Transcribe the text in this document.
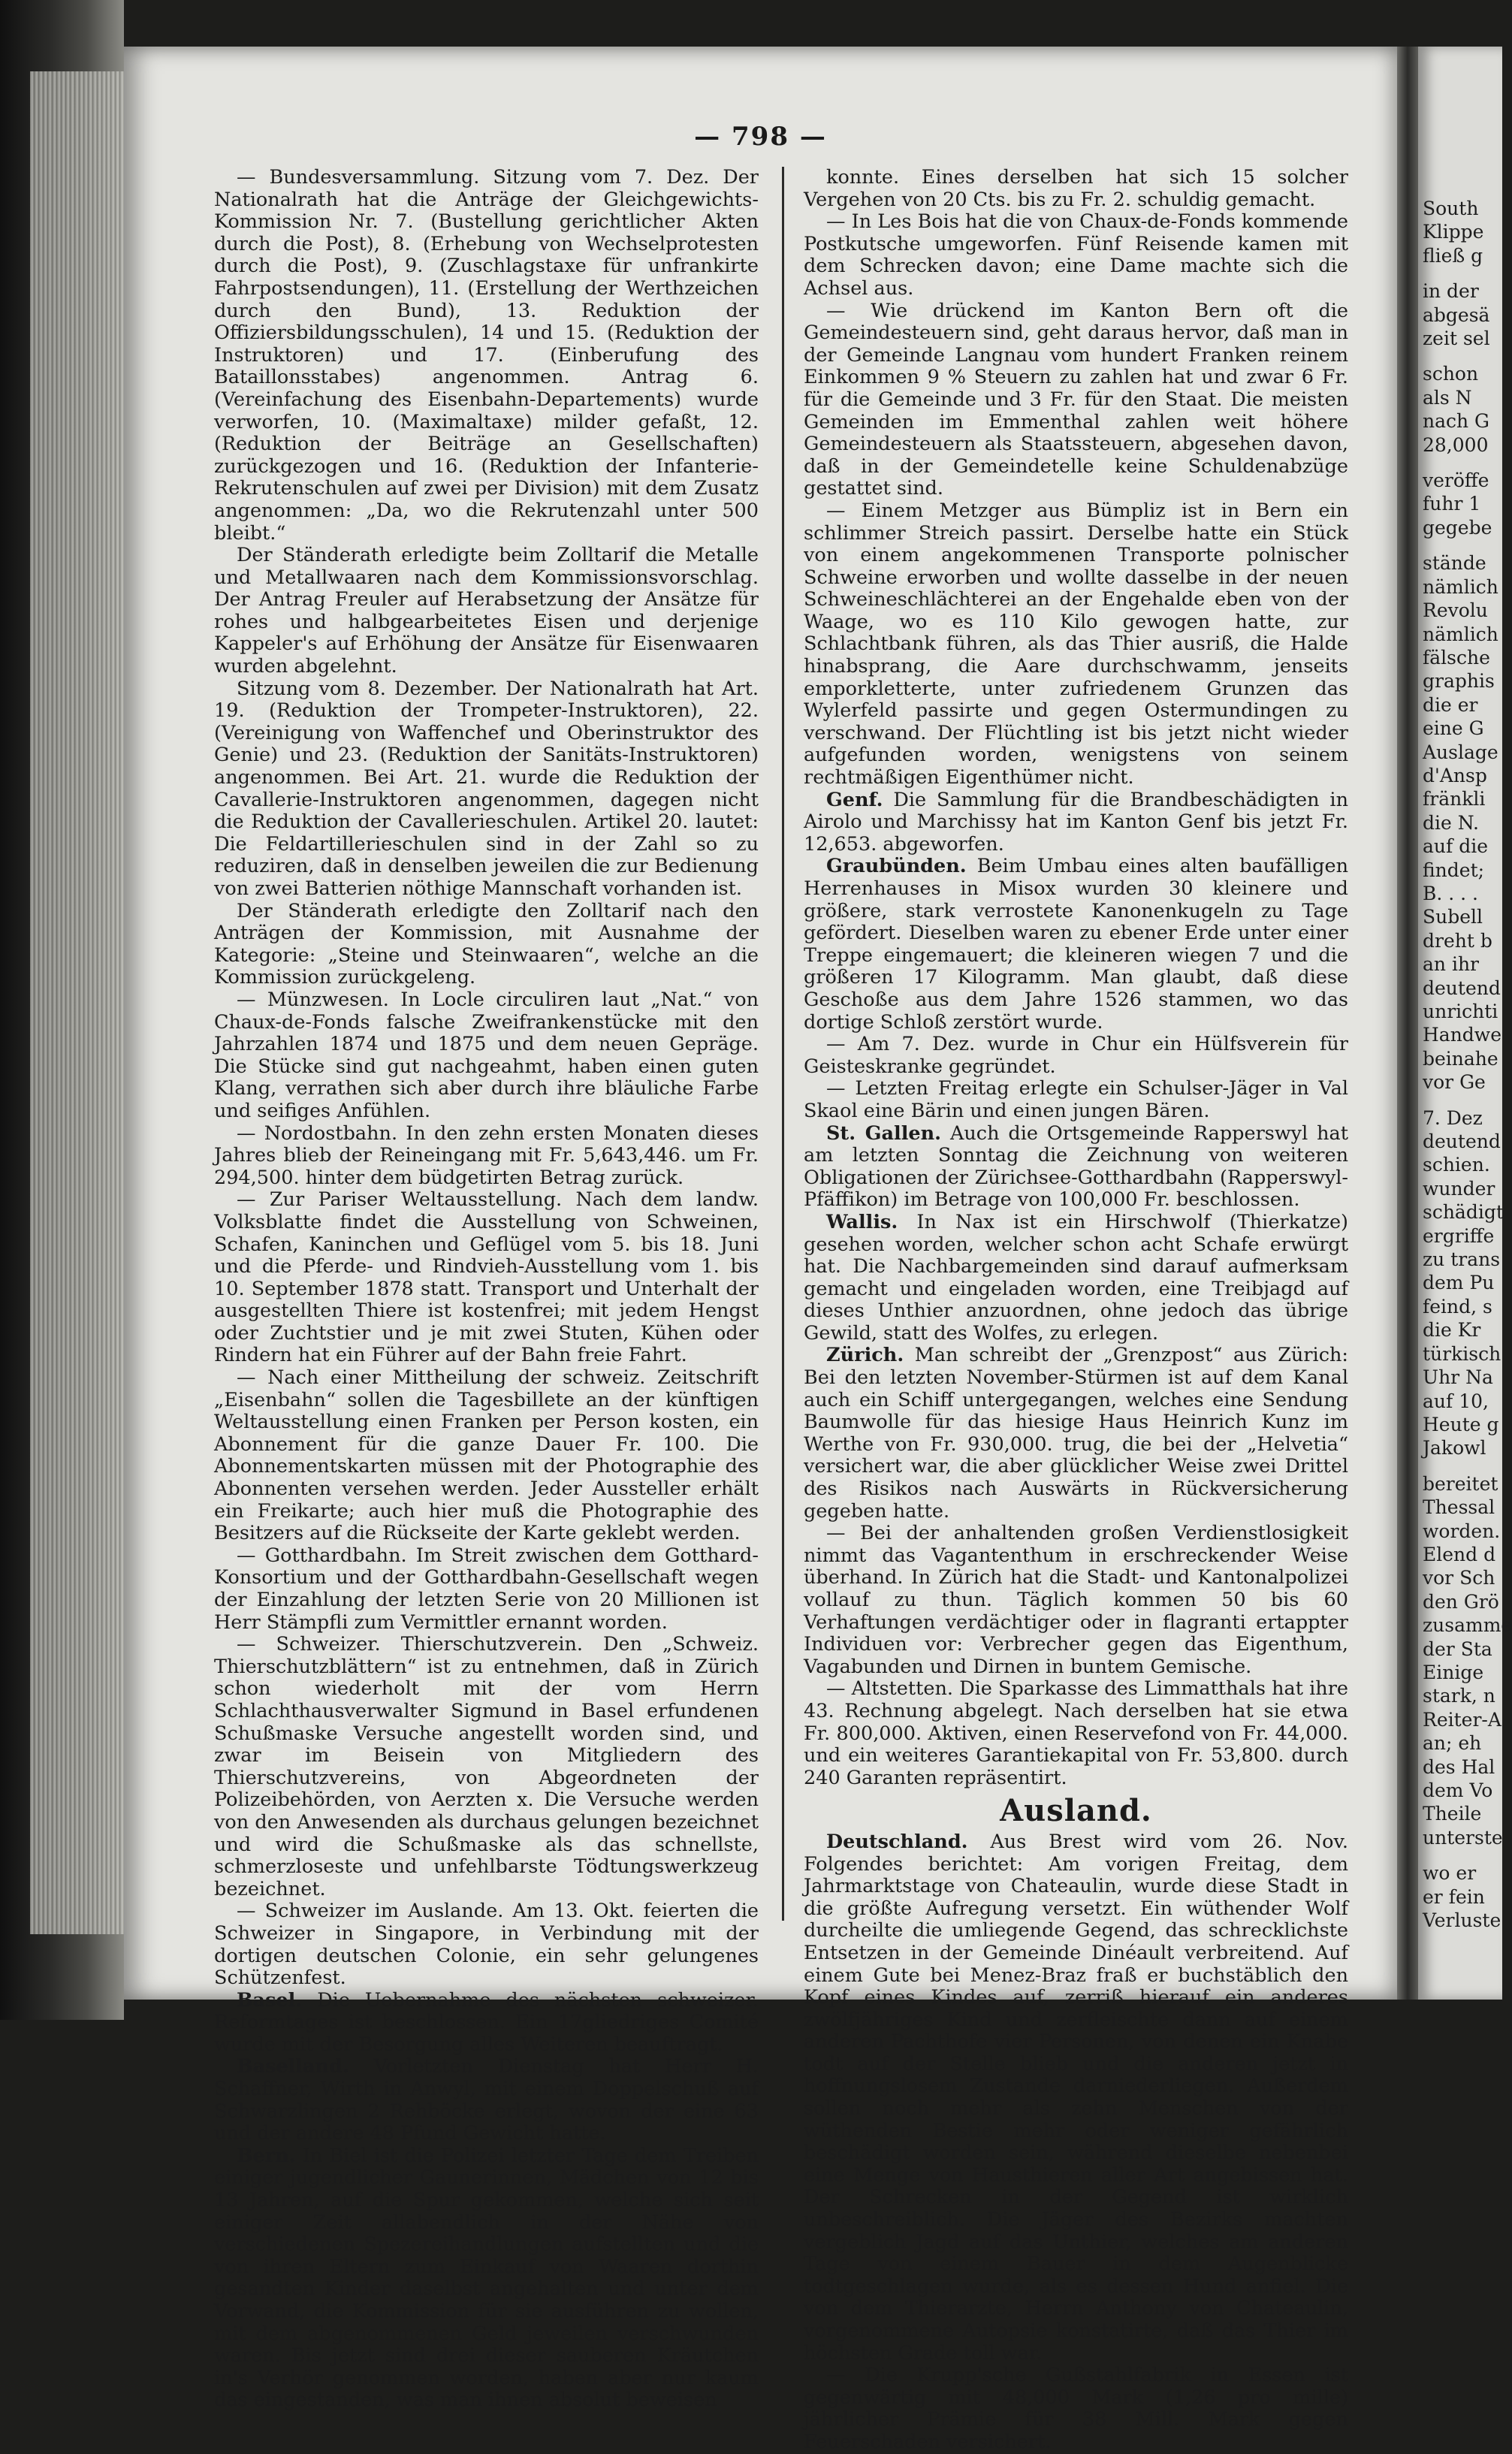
— 798 —

— Bundesversammlung. Sitzung vom 7. Dez. Der Nationalrath hat die Anträge der Gleichgewichts-Kommission Nr. 7. (Bustellung gerichtlicher Akten durch die Post), 8. (Erhebung von Wechselprotesten durch die Post), 9. (Zuschlagstaxe für unfrankirte Fahrpostsendungen), 11. (Erstellung der Werthzeichen durch den Bund), 13. Reduktion der Offiziersbildungsschulen), 14 und 15. (Reduktion der Instruktoren) und 17. (Einberufung des Bataillonsstabes) angenommen. Antrag 6. (Vereinfachung des Eisenbahn-Departements) wurde verworfen, 10. (Maximaltaxe) milder gefaßt, 12. (Reduktion der Beiträge an Gesellschaften) zurückgezogen und 16. (Reduktion der Infanterie-Rekrutenschulen auf zwei per Division) mit dem Zusatz angenommen: „Da, wo die Rekrutenzahl unter 500 bleibt.“

Der Ständerath erledigte beim Zolltarif die Metalle und Metallwaaren nach dem Kommissionsvorschlag. Der Antrag Freuler auf Herabsetzung der Ansätze für rohes und halbgearbeitetes Eisen und derjenige Kappeler's auf Erhöhung der Ansätze für Eisenwaaren wurden abgelehnt.

Sitzung vom 8. Dezember. Der Nationalrath hat Art. 19. (Reduktion der Trompeter-Instruktoren), 22. (Vereinigung von Waffenchef und Oberinstruktor des Genie) und 23. (Reduktion der Sanitäts-Instruktoren) angenommen. Bei Art. 21. wurde die Reduktion der Cavallerie-Instruktoren angenommen, dagegen nicht die Reduktion der Cavallerieschulen. Artikel 20. lautet: Die Feldartillerieschulen sind in der Zahl so zu reduziren, daß in denselben jeweilen die zur Bedienung von zwei Batterien nöthige Mannschaft vorhanden ist.

Der Ständerath erledigte den Zolltarif nach den Anträgen der Kommission, mit Ausnahme der Kategorie: „Steine und Steinwaaren“, welche an die Kommission zurückgeleng.

— Münzwesen. In Locle circuliren laut „Nat.“ von Chaux-de-Fonds falsche Zweifrankenstücke mit den Jahrzahlen 1874 und 1875 und dem neuen Gepräge. Die Stücke sind gut nachgeahmt, haben einen guten Klang, verrathen sich aber durch ihre bläuliche Farbe und seifiges Anfühlen.

— Nordostbahn. In den zehn ersten Monaten dieses Jahres blieb der Reineingang mit Fr. 5,643,446. um Fr. 294,500. hinter dem büdgetirten Betrag zurück.

— Zur Pariser Weltausstellung. Nach dem landw. Volksblatte findet die Ausstellung von Schweinen, Schafen, Kaninchen und Geflügel vom 5. bis 18. Juni und die Pferde- und Rindvieh-Ausstellung vom 1. bis 10. September 1878 statt. Transport und Unterhalt der ausgestellten Thiere ist kostenfrei; mit jedem Hengst oder Zuchtstier und je mit zwei Stuten, Kühen oder Rindern hat ein Führer auf der Bahn freie Fahrt.

— Nach einer Mittheilung der schweiz. Zeitschrift „Eisenbahn“ sollen die Tagesbillete an der künftigen Weltausstellung einen Franken per Person kosten, ein Abonnement für die ganze Dauer Fr. 100. Die Abonnementskarten müssen mit der Photographie des Abonnenten versehen werden. Jeder Aussteller erhält ein Freikarte; auch hier muß die Photographie des Besitzers auf die Rückseite der Karte geklebt werden.

— Gotthardbahn. Im Streit zwischen dem Gotthard-Konsortium und der Gotthardbahn-Gesellschaft wegen der Einzahlung der letzten Serie von 20 Millionen ist Herr Stämpfli zum Vermittler ernannt worden.

— Schweizer. Thierschutzverein. Den „Schweiz. Thierschutzblättern“ ist zu entnehmen, daß in Zürich schon wiederholt mit der vom Herrn Schlachthausverwalter Sigmund in Basel erfundenen Schußmaske Versuche angestellt worden sind, und zwar im Beisein von Mitgliedern des Thierschutzvereins, von Abgeordneten der Polizeibehörden, von Aerzten x. Die Versuche werden von den Anwesenden als durchaus gelungen bezeichnet und wird die Schußmaske als das schnellste, schmerzloseste und unfehlbarste Tödtungswerkzeug bezeichnet.

— Schweizer im Auslande. Am 13. Okt. feierten die Schweizer in Singapore, in Verbindung mit der dortigen deutschen Colonie, ein sehr gelungenes Schützenfest.

Basel. Die Uebernahme des nächsten schweizer. Reformtages ist beschlossen. Ein 17gliedriges Comité wurde mit der Besorgung alles Weiteren beauftragt.

Baselland. Vorletzten Dienstag hat Herr H. Schaffner, Wirth in Anwyl, mit einem Doppelschuß auf Schwarzlingen 2 Rehböcke erlegt, wovon der eine 63 und der andere 48 Pfund Gewicht hatte.

Bern. In Biel ist die Polizei letzter Tage dem Treiben einiger jugendlicher Gaunerinnen, Mädchen von 12 bis 13 Jahren, auf die Spur gekommen, welche sich seit einiger Zeit allabendlich in der Nähe von verschiedenen Spezereihandlungen aufstellten und die von ihren Eltern zum Einkauf von Waaren dorthin gesandten Kinder daselbst angehalten und unter dem Vorwand, die Kommission für sie ausführen zu wollen, mit dem abgenommenen Geld jeweilen verschwunden waren. Bis jetzt sind drei dieser sauberen Kräutchen in's Verhör genommen worden, haben aber nur kaum das eingestanden, was man ihnen absolut beweisen

konnte. Eines derselben hat sich 15 solcher Vergehen von 20 Cts. bis zu Fr. 2. schuldig gemacht.

— In Les Bois hat die von Chaux-de-Fonds kommende Postkutsche umgeworfen. Fünf Reisende kamen mit dem Schrecken davon; eine Dame machte sich die Achsel aus.

— Wie drückend im Kanton Bern oft die Gemeindesteuern sind, geht daraus hervor, daß man in der Gemeinde Langnau vom hundert Franken reinem Einkommen 9 % Steuern zu zahlen hat und zwar 6 Fr. für die Gemeinde und 3 Fr. für den Staat. Die meisten Gemeinden im Emmenthal zahlen weit höhere Gemeindesteuern als Staatssteuern, abgesehen davon, daß in der Gemeindetelle keine Schuldenabzüge gestattet sind.

— Einem Metzger aus Bümpliz ist in Bern ein schlimmer Streich passirt. Derselbe hatte ein Stück von einem angekommenen Transporte polnischer Schweine erworben und wollte dasselbe in der neuen Schweineschlächterei an der Engehalde eben von der Waage, wo es 110 Kilo gewogen hatte, zur Schlachtbank führen, als das Thier ausriß, die Halde hinabsprang, die Aare durchschwamm, jenseits emporkletterte, unter zufriedenem Grunzen das Wylerfeld passirte und gegen Ostermundingen zu verschwand. Der Flüchtling ist bis jetzt nicht wieder aufgefunden worden, wenigstens von seinem rechtmäßigen Eigenthümer nicht.

Genf. Die Sammlung für die Brandbeschädigten in Airolo und Marchissy hat im Kanton Genf bis jetzt Fr. 12,653. abgeworfen.

Graubünden. Beim Umbau eines alten baufälligen Herrenhauses in Misox wurden 30 kleinere und größere, stark verrostete Kanonenkugeln zu Tage gefördert. Dieselben waren zu ebener Erde unter einer Treppe eingemauert; die kleineren wiegen 7 und die größeren 17 Kilogramm. Man glaubt, daß diese Geschoße aus dem Jahre 1526 stammen, wo das dortige Schloß zerstört wurde.

— Am 7. Dez. wurde in Chur ein Hülfsverein für Geisteskranke gegründet.

— Letzten Freitag erlegte ein Schulser-Jäger in Val Skaol eine Bärin und einen jungen Bären.

St. Gallen. Auch die Ortsgemeinde Rapperswyl hat am letzten Sonntag die Zeichnung von weiteren Obligationen der Zürichsee-Gotthardbahn (Rapperswyl-Pfäffikon) im Betrage von 100,000 Fr. beschlossen.

Wallis. In Nax ist ein Hirschwolf (Thierkatze) gesehen worden, welcher schon acht Schafe erwürgt hat. Die Nachbargemeinden sind darauf aufmerksam gemacht und eingeladen worden, eine Treibjagd auf dieses Unthier anzuordnen, ohne jedoch das übrige Gewild, statt des Wolfes, zu erlegen.

Zürich. Man schreibt der „Grenzpost“ aus Zürich: Bei den letzten November-Stürmen ist auf dem Kanal auch ein Schiff untergegangen, welches eine Sendung Baumwolle für das hiesige Haus Heinrich Kunz im Werthe von Fr. 930,000. trug, die bei der „Helvetia“ versichert war, die aber glücklicher Weise zwei Drittel des Risikos nach Auswärts in Rückversicherung gegeben hatte.

— Bei der anhaltenden großen Verdienstlosigkeit nimmt das Vagantenthum in erschreckender Weise überhand. In Zürich hat die Stadt- und Kantonalpolizei vollauf zu thun. Täglich kommen 50 bis 60 Verhaftungen verdächtiger oder in flagranti ertappter Individuen vor: Verbrecher gegen das Eigenthum, Vagabunden und Dirnen in buntem Gemische.

— Altstetten. Die Sparkasse des Limmatthals hat ihre 43. Rechnung abgelegt. Nach derselben hat sie etwa Fr. 800,000. Aktiven, einen Reservefond von Fr. 44,000. und ein weiteres Garantiekapital von Fr. 53,800. durch 240 Garanten repräsentirt.

Ausland.

Deutschland. Aus Brest wird vom 26. Nov. Folgendes berichtet: Am vorigen Freitag, dem Jahrmarktstage von Chateaulin, wurde diese Stadt in die größte Aufregung versetzt. Ein wüthender Wolf durcheilte die umliegende Gegend, das schrecklichste Entsetzen in der Gemeinde Dinéault verbreitend. Auf einem Gute bei Menez-Braz fraß er buchstäblich den Kopf eines Kindes auf, zerriß hierauf ein anderes zwölfjähriges Kind und zerfleischte dann auf einem anderen Pachthofe vier Personen, von denen ein Knabe todt auf der Stelle blieb und die anderen jetzt in hoffnungslosem Zustande darniederliegen. Außerdem sollen noch mehr als zehn Menschen von der wüthenden Bestie mehr oder weniger gefährlich beschädigt worden sein, während dieselbe nebenbei eine Menge von Hausthieren aller Art angebissen hat. Der Schrecken in der Gegend ist wirklich unbeschreiblich. Die Jäger des Bezirks machten vergeblich Jagd auf das Unthier, welches am anderen Tage von einem Bauer in dem Augenblicke todtgeschlagen wurde, als es dessen Hund anfiel. Die von dem Thierarzte, Herrn Anthony von Chateaulin, vorgenommene Autopsie konstatirte, daß das Thier im höchsten Grade toll war.

— Die Krupp'sche Gußstahlfabrik in Essen ist gegenwärtig mit 48,000 Mark (1,26 pro mille) jährlicher Prämie für 38 Mill. Mark gegen Feuerschaden versichert.

South
Klippe
fließ g
in der
abgesä
zeit sel
schon
als N
nach G
28,000
veröffe
fuhr 1
gegebe
stände
nämlich
Revolu
nämlich
fälsche
graphis
die er
eine G
Auslage
d'Ansp
fränkli
die N.
auf die
findet;
B. . . .
Subell
dreht b
an ihr
deutend
unrichti
Handwe
beinahe
vor Ge
7. Dez
deutend
schien.
wunder
schädigt
ergriffe
zu trans
dem Pu
feind, s
die Kr
türkisch
Uhr Na
auf 10,
Heute g
Jakowl
bereitet
Thessal
worden.
Elend d
vor Sch
den Grö
zusamme
der Sta
Einige
stark, n
Reiter-A
an; eh
des Hal
dem Vo
Theile
unterste
wo er
er fein
Verluste
